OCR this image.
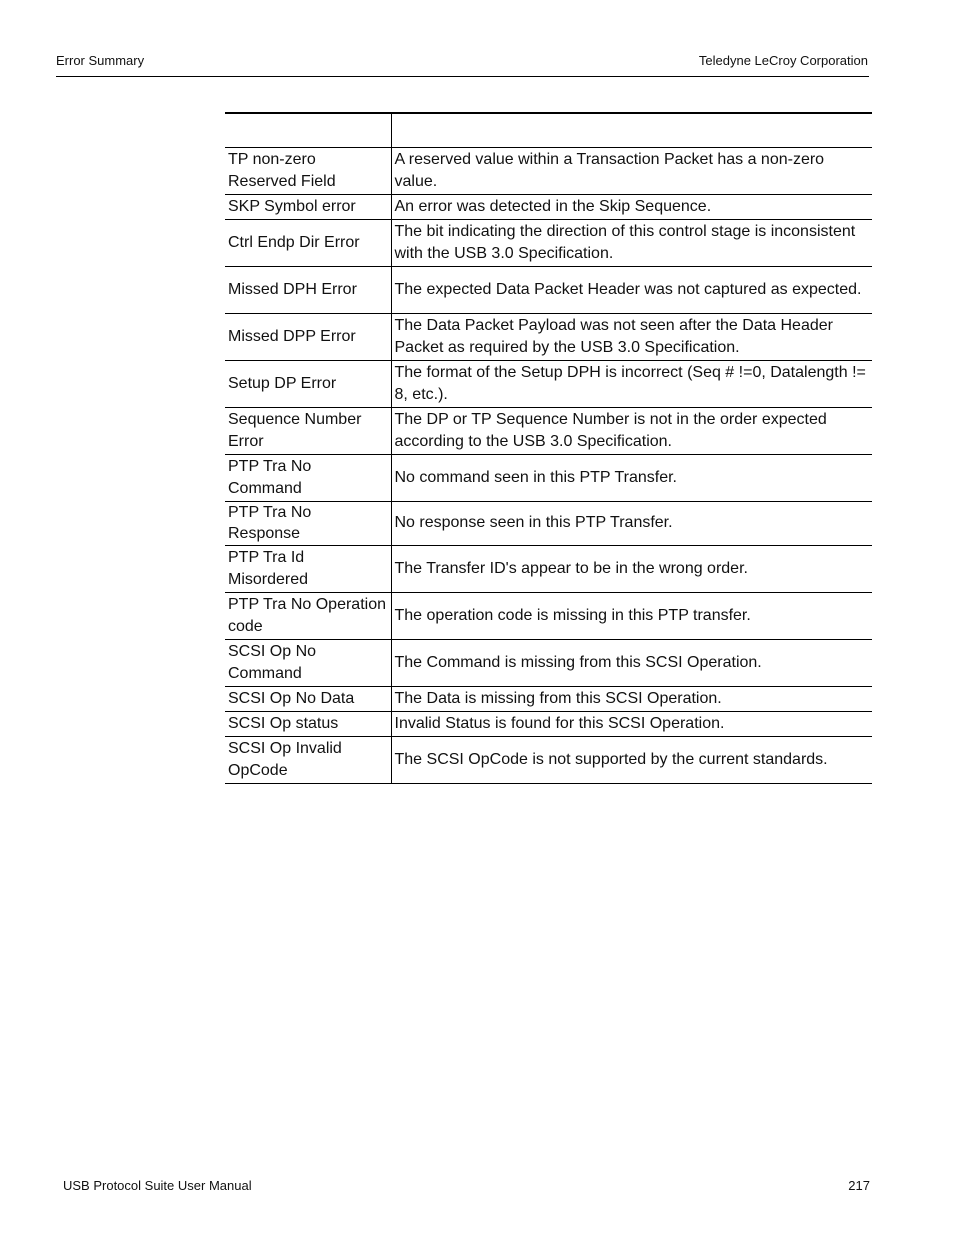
Error Summary	Teledyne LeCroy Corporation

TP non-zero Reserved Field	A reserved value within a Transaction Packet has a non-zero value.
SKP Symbol error	An error was detected in the Skip Sequence.
Ctrl Endp Dir Error	The bit indicating the direction of this control stage is inconsistent with the USB 3.0 Specification.
Missed DPH Error	The expected Data Packet Header was not captured as expected.
Missed DPP Error	The Data Packet Payload was not seen after the Data Header Packet as required by the USB 3.0 Specification.
Setup DP Error	The format of the Setup DPH is incorrect (Seq # !=0, Datalength != 8, etc.).
Sequence Number Error	The DP or TP Sequence Number is not in the order expected according to the USB 3.0 Specification.
PTP Tra No Command	No command seen in this PTP Transfer.
PTP Tra No Response	No response seen in this PTP Transfer.
PTP Tra Id Misordered	The Transfer ID's appear to be in the wrong order.
PTP Tra No Operation code	The operation code is missing in this PTP transfer.
SCSI Op No Command	The Command is missing from this SCSI Operation.
SCSI Op No Data	The Data is missing from this SCSI Operation.
SCSI Op status	Invalid Status is found for this SCSI Operation.
SCSI Op Invalid OpCode	The SCSI OpCode is not supported by the current standards.
USB Protocol Suite User Manual	217
